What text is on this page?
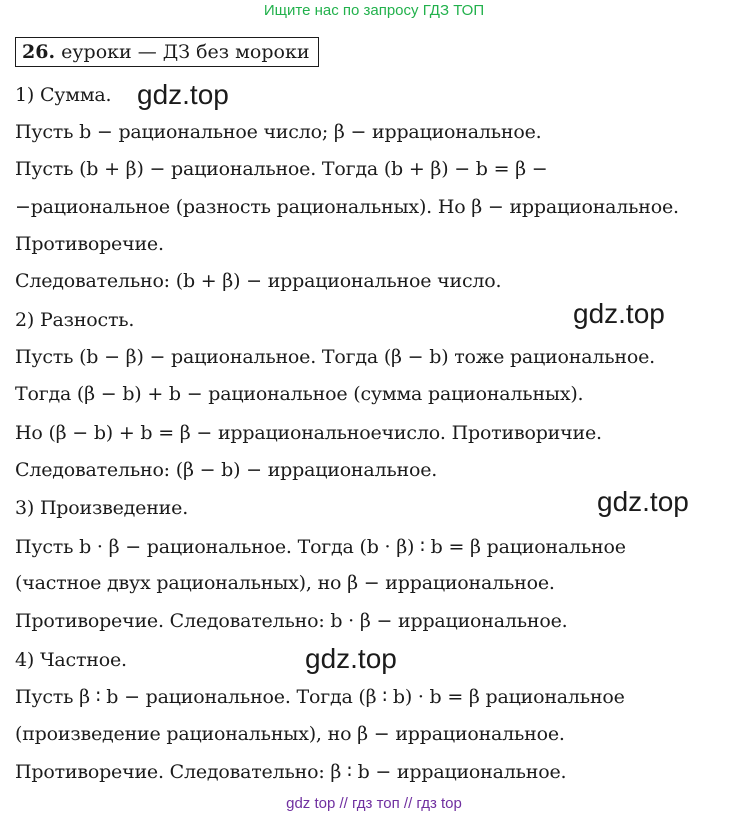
Ищите нас по запросу ГДЗ ТОП
26. еуроки — ДЗ без мороки
1) Сумма.
Пусть b − рациональное число; β − иррациональное.
Пусть (b + β) − рациональное. Тогда (b + β) − b = β −
−рациональное (разность рациональных). Но β − иррациональное.
Противоречие.
Следовательно: (b + β) − иррациональное число.
2) Разность.
Пусть (b − β) − рациональное. Тогда (β − b) тоже рациональное.
Тогда (β − b) + b − рациональное (сумма рациональных).
Но (β − b) + b = β − иррациональноечисло. Противоричие.
Следовательно: (β − b) − иррациональное.
3) Произведение.
Пусть b · β − рациональное. Тогда (b · β) ∶ b = β рациональное
(частное двух рациональных), но β − иррациональное.
Противоречие. Следовательно: b · β − иррациональное.
4) Частное.
Пусть β ∶ b − рациональное. Тогда (β ∶ b) · b = β рациональное
(произведение рациональных), но β − иррациональное.
Противоречие. Следовательно: β ∶ b − иррациональное.
gdz.top
gdz.top
gdz.top
gdz.top
gdz top // гдз топ // гдз top
